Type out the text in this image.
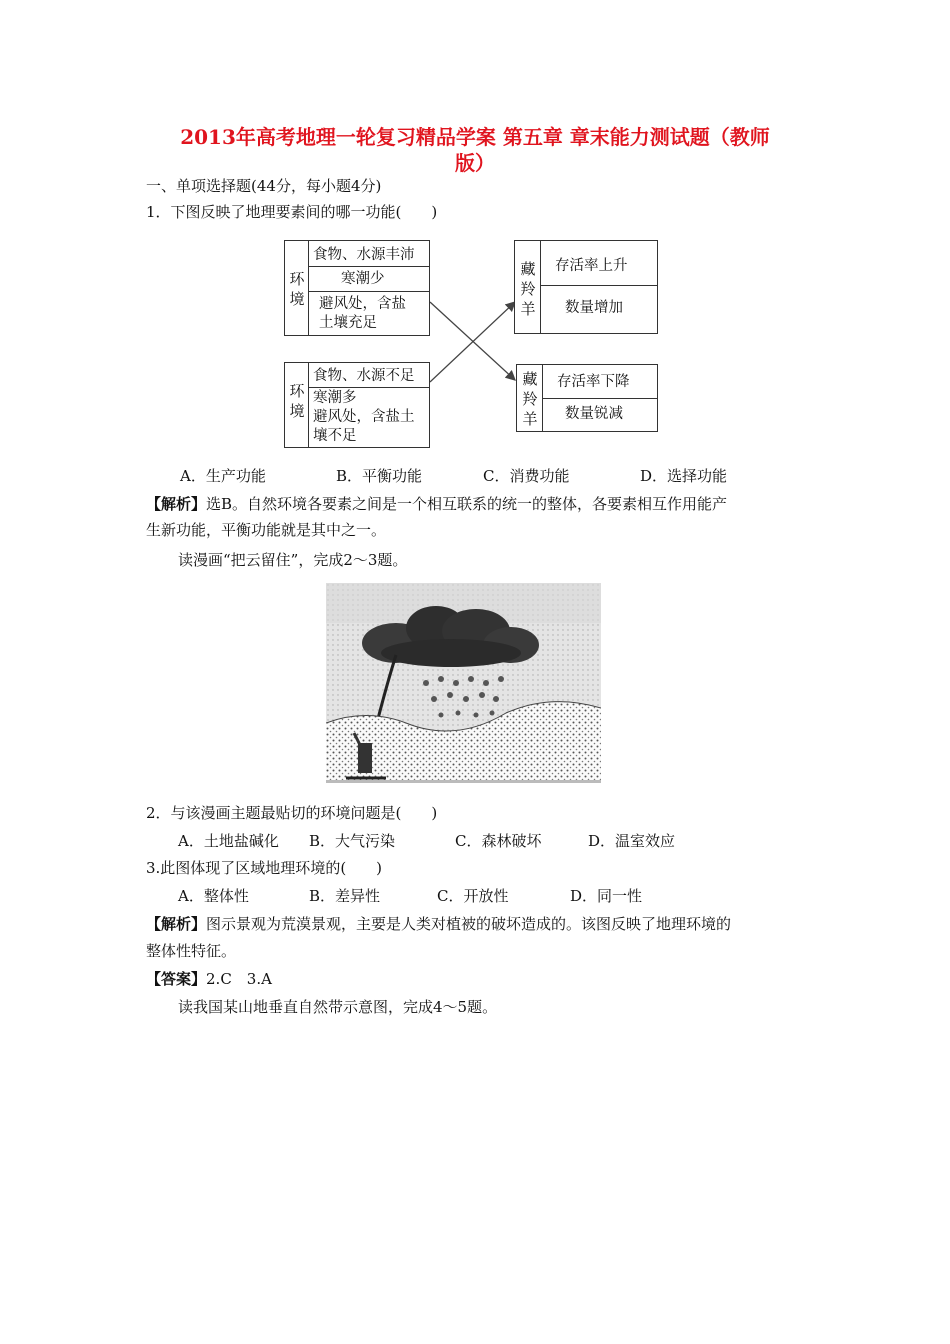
2013年高考地理一轮复习精品学案 第五章 章末能力测试题（教师
版）
一、单项选择题(44分，每小题4分)
1．下图反映了地理要素间的哪一功能(　　)
环
境
食物、水源丰沛
寒潮少
避风处，含盐
土壤充足
环
境
食物、水源不足
寒潮多
避风处，含盐土
壤不足
藏
羚
羊
存活率上升
数量增加
藏
羚
羊
存活率下降
数量锐减
A．生产功能	B．平衡功能	C．消费功能	D．选择功能
【解析】选B。自然环境各要素之间是一个相互联系的统一的整体，各要素相互作用能产
生新功能，平衡功能就是其中之一。
读漫画“把云留住”，完成2～3题。
2．与该漫画主题最贴切的环境问题是(　　)
A．土地盐碱化 B．大气污染	C．森林破坏	D．温室效应
3.此图体现了区域地理环境的(　　)
A．整体性	B．差异性	C．开放性	D．同一性
【解析】图示景观为荒漠景观，主要是人类对植被的破坏造成的。该图反映了地理环境的
整体性特征。
【答案】2.C　3.A
读我国某山地垂直自然带示意图，完成4～5题。
